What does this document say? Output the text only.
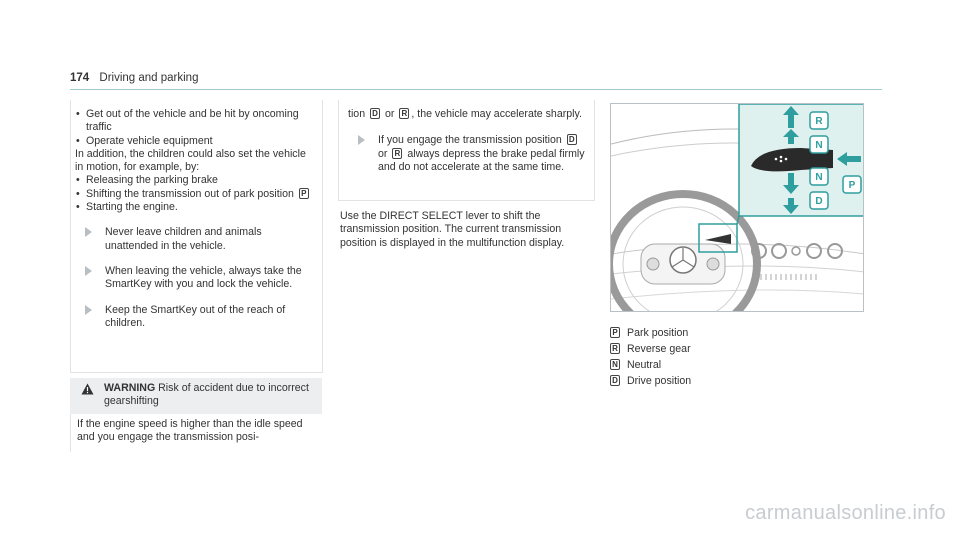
174 Driving and parking
• Get out of the vehicle and be hit by oncoming traffic
• Operate vehicle equipment
In addition, the children could also set the vehicle in motion, for example, by:
• Releasing the parking brake
• Shifting the transmission out of park position P
• Starting the engine.
Never leave children and animals unattended in the vehicle.
When leaving the vehicle, always take the SmartKey with you and lock the vehicle.
Keep the SmartKey out of the reach of children.
WARNING Risk of accident due to incorrect gearshifting
If the engine speed is higher than the idle speed and you engage the transmission posi-
tion D or R , the vehicle may accelerate sharply.
If you engage the transmission position D or R always depress the brake pedal firmly and do not accelerate at the same time.
Use the DIRECT SELECT lever to shift the transmission position. The current transmission position is displayed in the multifunction display.
R
N
N
D
P
P Park position
R Reverse gear
N Neutral
D Drive position
carmanualsonline.info
